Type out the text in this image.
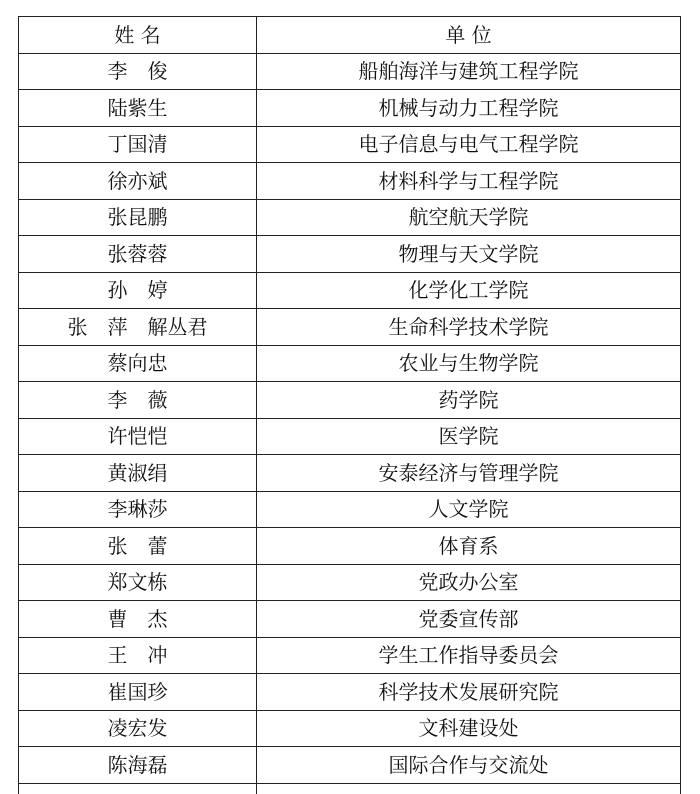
姓 名	单 位
李　俊	船舶海洋与建筑工程学院
陆紫生	机械与动力工程学院
丁国清	电子信息与电气工程学院
徐亦斌	材料科学与工程学院
张昆鹏	航空航天学院
张蓉蓉	物理与天文学院
孙　婷	化学化工学院
张　萍　解丛君	生命科学技术学院
蔡向忠	农业与生物学院
李　薇	药学院
许恺恺	医学院
黄淑绢	安泰经济与管理学院
李琳莎	人文学院
张　蕾	体育系
郑文栋	党政办公室
曹　杰	党委宣传部
王　冲	学生工作指导委员会
崔国珍	科学技术发展研究院
凌宏发	文科建设处
陈海磊	国际合作与交流处
